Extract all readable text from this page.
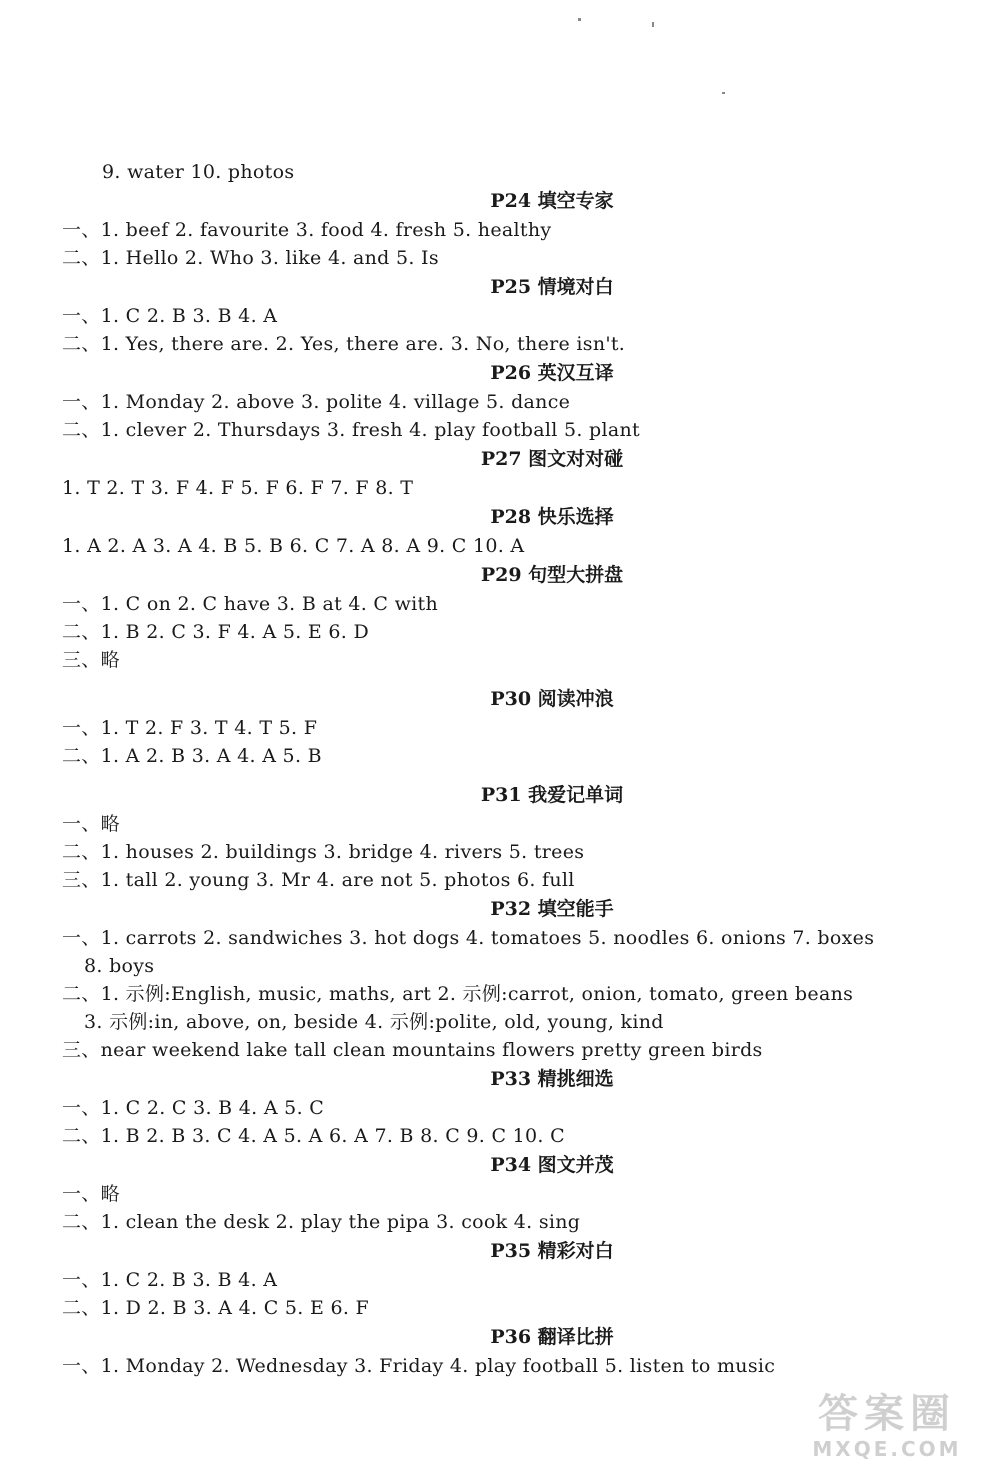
9. water 10. photos
P24 填空专家
一、1. beef 2. favourite 3. food 4. fresh 5. healthy
二、1. Hello 2. Who 3. like 4. and 5. Is
P25 情境对白
一、1. C 2. B 3. B 4. A
二、1. Yes, there are. 2. Yes, there are. 3. No, there isn't.
P26 英汉互译
一、1. Monday 2. above 3. polite 4. village 5. dance
二、1. clever 2. Thursdays 3. fresh 4. play football 5. plant
P27 图文对对碰
1. T 2. T 3. F 4. F 5. F 6. F 7. F 8. T
P28 快乐选择
1. A 2. A 3. A 4. B 5. B 6. C 7. A 8. A 9. C 10. A
P29 句型大拼盘
一、1. C on 2. C have 3. B at 4. C with
二、1. B 2. C 3. F 4. A 5. E 6. D
三、略
P30 阅读冲浪
一、1. T 2. F 3. T 4. T 5. F
二、1. A 2. B 3. A 4. A 5. B
P31 我爱记单词
一、略
二、1. houses 2. buildings 3. bridge 4. rivers 5. trees
三、1. tall 2. young 3. Mr 4. are not 5. photos 6. full
P32 填空能手
一、1. carrots 2. sandwiches 3. hot dogs 4. tomatoes 5. noodles 6. onions 7. boxes
8. boys
二、1. 示例:English, music, maths, art 2. 示例:carrot, onion, tomato, green beans
3. 示例:in, above, on, beside 4. 示例:polite, old, young, kind
三、near weekend lake tall clean mountains flowers pretty green birds
P33 精挑细选
一、1. C 2. C 3. B 4. A 5. C
二、1. B 2. B 3. C 4. A 5. A 6. A 7. B 8. C 9. C 10. C
P34 图文并茂
一、略
二、1. clean the desk 2. play the pipa 3. cook 4. sing
P35 精彩对白
一、1. C 2. B 3. B 4. A
二、1. D 2. B 3. A 4. C 5. E 6. F
P36 翻译比拼
一、1. Monday 2. Wednesday 3. Friday 4. play football 5. listen to music
答案圈
MXQE.COM
